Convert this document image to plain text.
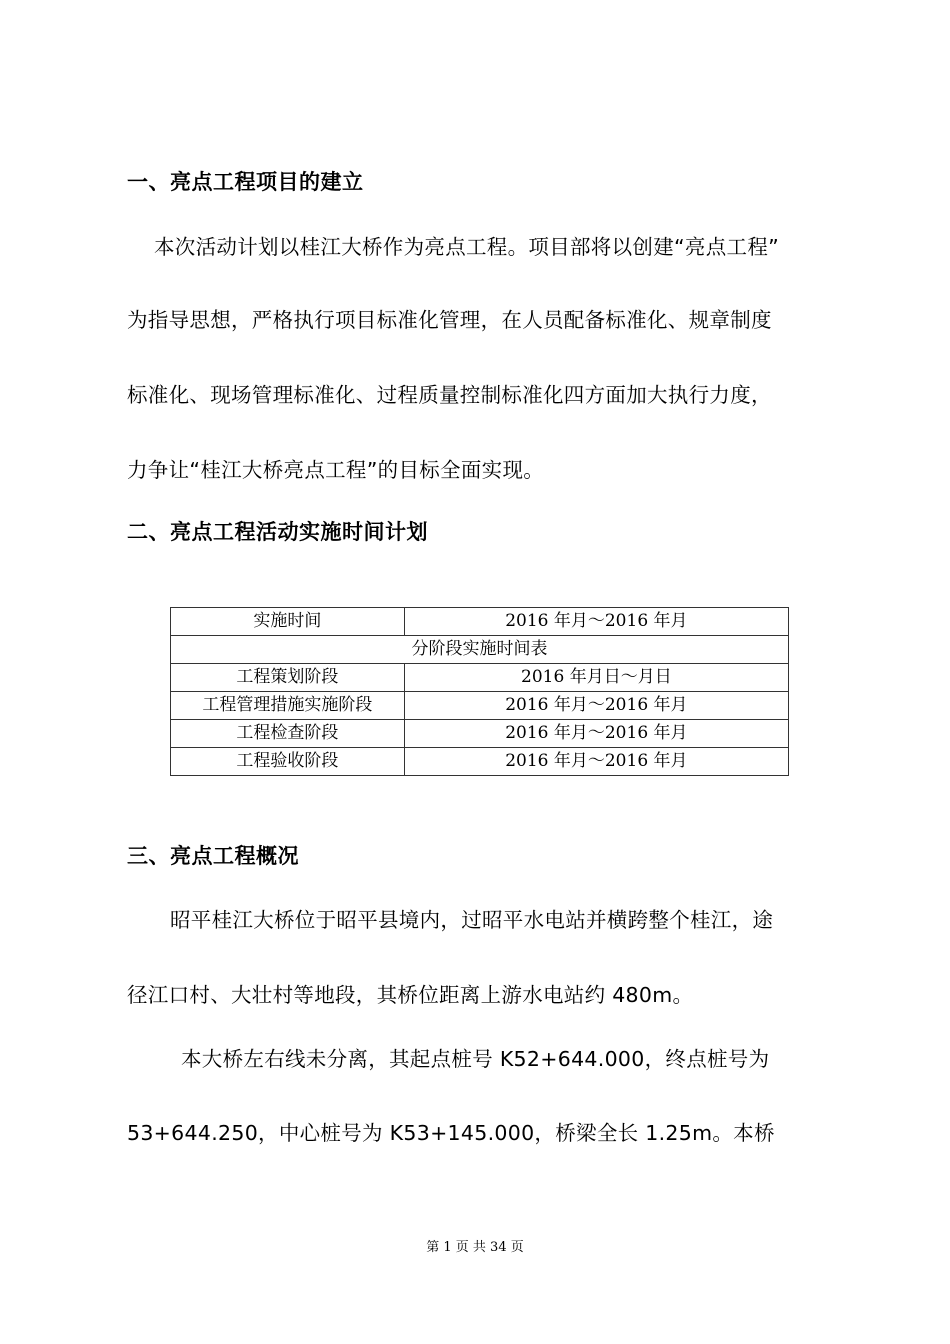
一、亮点工程项目的建立
本次活动计划以桂江大桥作为亮点工程。项目部将以创建“亮点工程”
为指导思想，严格执行项目标准化管理，在人员配备标准化、规章制度
标准化、现场管理标准化、过程质量控制标准化四方面加大执行力度，
力争让“桂江大桥亮点工程”的目标全面实现。
二、亮点工程活动实施时间计划
实施时间	2016 年月～2016 年月
分阶段实施时间表	
工程策划阶段	2016 年月日～月日
工程管理措施实施阶段	2016 年月～2016 年月
工程检查阶段	2016 年月～2016 年月
工程验收阶段	2016 年月～2016 年月
三、亮点工程概况
昭平桂江大桥位于昭平县境内，过昭平水电站并横跨整个桂江，途
径江口村、大壮村等地段，其桥位距离上游水电站约 480m。
本大桥左右线未分离，其起点桩号 K52+644.000，终点桩号为
53+644.250，中心桩号为 K53+145.000，桥梁全长 1.25m。本桥
第 1 页 共 34 页
